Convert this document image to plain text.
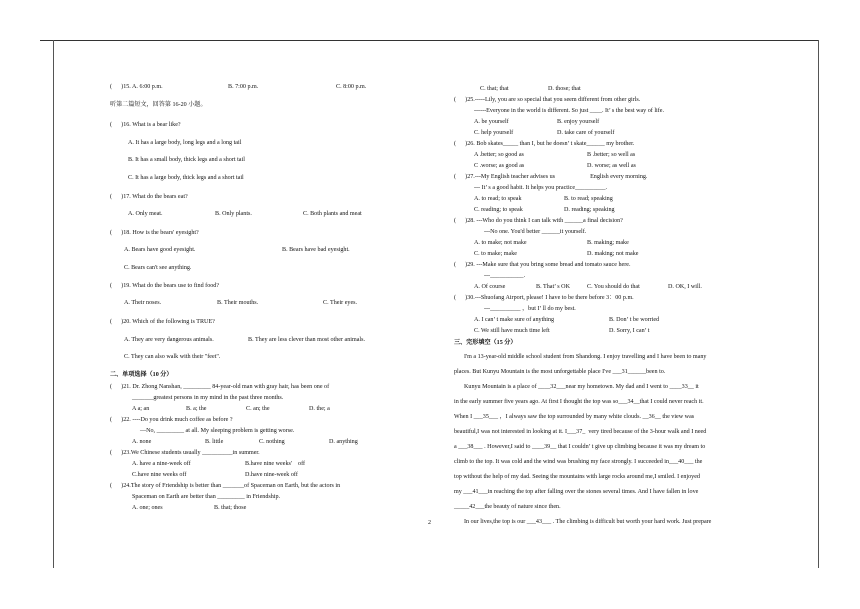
(      )15. A. 6:00 p.m.	B. 7:00 p.m.	C. 8:00 p.m.
听第二篇短文，回答第 16-20 小题。
(      )16. What is a bear like?
A. It has a large body, long legs and a long tail
B. It has a small body, thick legs and a short tail
C. It has a large body, thick legs and a short tail
(      )17. What do the bears eat?
A. Only meat.	B. Only plants.	C. Both plants and meat
(      )18. How is the bears' eyesight?
A. Bears have good eyesight.	B. Bears have bad eyesight.
C. Bears can't see anything.
(      )19. What do the bears use to find food?
A. Their noses.	B. Their mouths.	C. Their eyes.
(      )20. Which of the following is TRUE?
A. They are very dangerous animals.	B. They are less clever than most other animals.
C. They can also walk with their "feet".
二、单项选择（10 分）
(      )21. Dr. Zhong Nanshan, _________ 84-year-old man with gray hair, has been one of
_______greatest persons in my mind in the past three months.
A a; an	B. a; the	C. an; the	D. the; a
(      )22. ----Do you drink much coffee as before ?
—No, _________ at all. My sleeping problem is getting worse.
A. none	B. little	C. nothing	D. anything
(      )23.We Chinese students usually __________in summer.
A. have a nine-week off	B.have nine weeks'    off
C.have nine weeks off	D.have nine-week off
(      )24.The story of Friendship is better than _______of Spaceman on Earth, but the actors in
Spaceman on Earth are better than _________ in Friendship.
A. one; ones	B. that; those
C. that; that	D. those; that
(      )25.-----Lily, you are so special that you seem different from other girls.
------Everyone in the world is different. So just ____. It’ s the best way of life.
A. be yourself	B. enjoy yourself
C. help yourself	D. take care of yourself
(      )26. Bob skates_____ than I, but he doesn’ t skate______ my brother.
A .better; so good as	B .better; so well as
C .worse; as good as	D. worse; as well as
(      )27.---My English teacher advises us                       English every morning.
--- It’ s a good habit. It helps you practice__________.
A. to read; to speak	B. to read; speaking
C. reading; to speak	D. reading; speaking
(      )28. ---Who do you think I can talk with ______a final decision?
---No one. You'd better ______it yourself.
A. to make; not make	B. making; make
C. to make; make	D. making; not make
(      )29. ---Make sure that you bring some bread and tomato sauce here.
---___________.
A. Of course	B. That’ s OK	C. You should do that	D. OK, I will.
(      )30.---Shuofang Airport, please! I have to be there before 3：00 p.m.
---__________ ，but I’ ll do my best.
A. I can’ t make sure of anything	B. Don’ t be worried
C. We still have much time left	D. Sorry, I can’ t
三、完形填空（15 分）
I'm a 13-year-old middle school student from Shandong. I enjoy travelling and I have been to many
places. But Kunyu Mountain is the most unforgettable place I've ___31______been to.
Kunyu Mountain is a place of ____32___near my hometown. My dad and I went to ____33__ it
in the early summer five years ago. At first I thought the top was so___34__that I could never reach it.
When I ___35___ ，I always saw the top surrounded by many white clouds. __36__ the view was
beautiful,I was not interested in looking at it. I___37_  very tired because of the 3-hour walk and I need
a ___38___ . However,I said to ____39__ that I couldn’ t give up climbing because it was my dream to
climb to the top. It was cold and the wind was brushing my face strongly. I succeeded in___40___ the
top without the help of my dad. Seeing the mountains with large rocks around me,I smiled. I enjoyed
my ___41___in reaching the top after falling over the stones several times. And I have fallen in love
_____42___the beauty of nature since then.
In our lives,the top is our ___43___ . The climbing is difficult but worth your hard work. Just prepare
2
